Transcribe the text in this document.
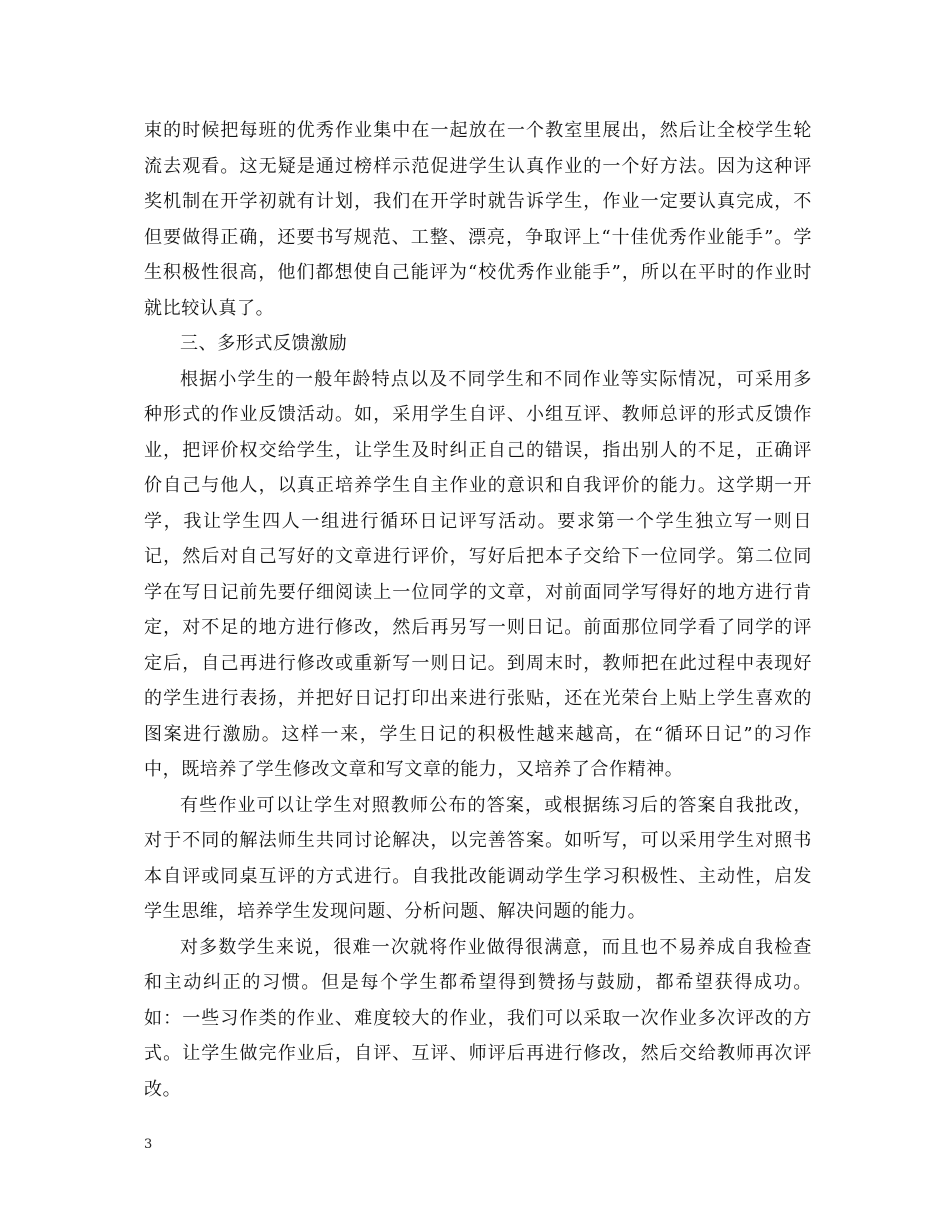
束的时候把每班的优秀作业集中在一起放在一个教室里展出，然后让全校学生轮流去观看。这无疑是通过榜样示范促进学生认真作业的一个好方法。因为这种评奖机制在开学初就有计划，我们在开学时就告诉学生，作业一定要认真完成，不但要做得正确，还要书写规范、工整、漂亮，争取评上“十佳优秀作业能手”。学生积极性很高，他们都想使自己能评为“校优秀作业能手”，所以在平时的作业时就比较认真了。

三、多形式反馈激励

根据小学生的一般年龄特点以及不同学生和不同作业等实际情况，可采用多种形式的作业反馈活动。如，采用学生自评、小组互评、教师总评的形式反馈作业，把评价权交给学生，让学生及时纠正自己的错误，指出别人的不足，正确评价自己与他人，以真正培养学生自主作业的意识和自我评价的能力。这学期一开学，我让学生四人一组进行循环日记评写活动。要求第一个学生独立写一则日记，然后对自己写好的文章进行评价，写好后把本子交给下一位同学。第二位同学在写日记前先要仔细阅读上一位同学的文章，对前面同学写得好的地方进行肯定，对不足的地方进行修改，然后再另写一则日记。前面那位同学看了同学的评定后，自己再进行修改或重新写一则日记。到周末时，教师把在此过程中表现好的学生进行表扬，并把好日记打印出来进行张贴，还在光荣台上贴上学生喜欢的图案进行激励。这样一来，学生日记的积极性越来越高，在“循环日记”的习作中，既培养了学生修改文章和写文章的能力，又培养了合作精神。

有些作业可以让学生对照教师公布的答案，或根据练习后的答案自我批改，对于不同的解法师生共同讨论解决，以完善答案。如听写，可以采用学生对照书本自评或同桌互评的方式进行。自我批改能调动学生学习积极性、主动性，启发学生思维，培养学生发现问题、分析问题、解决问题的能力。

对多数学生来说，很难一次就将作业做得很满意，而且也不易养成自我检查和主动纠正的习惯。但是每个学生都希望得到赞扬与鼓励，都希望获得成功。如：一些习作类的作业、难度较大的作业，我们可以采取一次作业多次评改的方式。让学生做完作业后，自评、互评、师评后再进行修改，然后交给教师再次评改。

3
